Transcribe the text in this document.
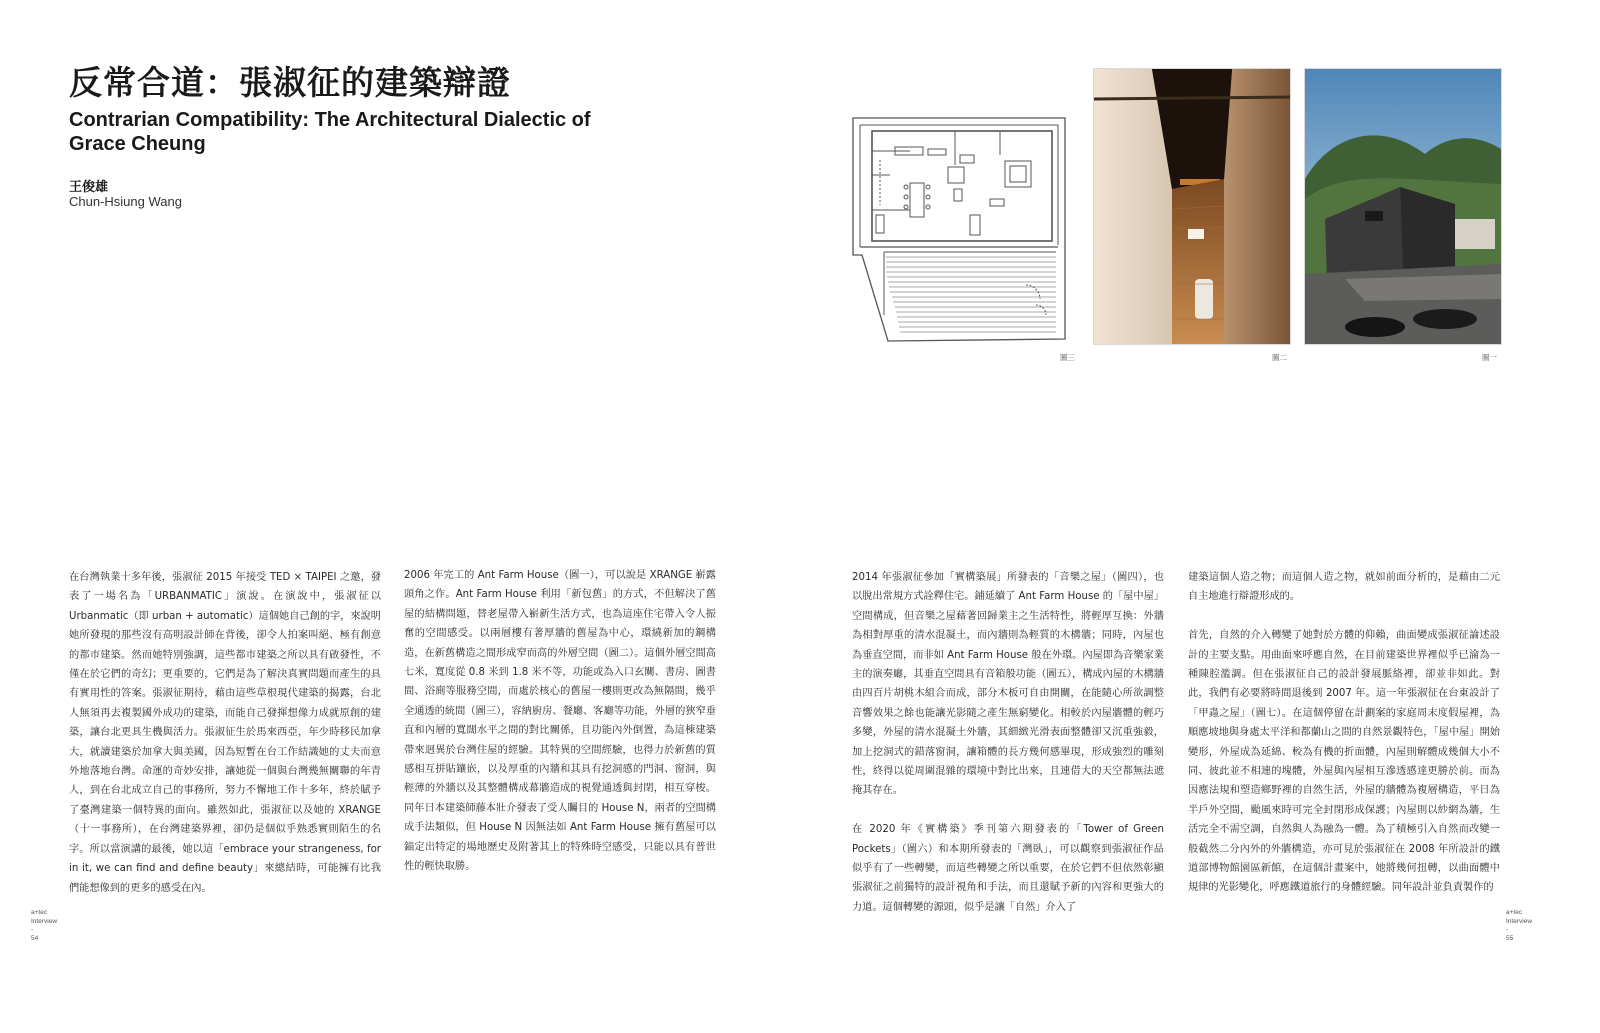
反常合道：張淑征的建築辯證
Contrarian Compatibility: The Architectural Dialectic of Grace Cheung
王俊雄
Chun-Hsiung Wang
圖三	圖二	圖一

在台灣執業十多年後，張淑征 2015 年接受 TED × TAIPEI 之邀，發表了一場名為「URBANMATIC」演說。在演說中，張淑征以 Urbanmatic（即 urban + automatic）這個她自己創的字，來說明她所發現的那些沒有高明設計師在背後，卻令人拍案叫絕、極有創意的都市建築。然而她特別強調，這些都市建築之所以具有啟發性，不僅在於它們的奇幻；更重要的，它們是為了解決真實問題而產生的具有實用性的答案。張淑征期待，藉由這些草根現代建築的揭露，台北人無須再去複製國外成功的建築，而能自己發揮想像力成就原創的建築，讓台北更具生機與活力。張淑征生於馬來西亞，年少時移民加拿大，就讀建築於加拿大與美國，因為短暫在台工作結識她的丈夫而意外地落地台灣。命運的奇妙安排，讓她從一個與台灣幾無關聯的年青人，到在台北成立自己的事務所，努力不懈地工作十多年，終於賦予了臺灣建築一個特異的面向。雖然如此，張淑征以及她的 XRANGE（十一事務所），在台灣建築界裡，卻仍是個似乎熟悉實則陌生的名字。所以當演講的最後，她以這「embrace your strangeness, for in it, we can find and define beauty」來總結時，可能擁有比我們能想像到的更多的感受在內。

2006 年完工的 Ant Farm House（圖一），可以說是 XRANGE 嶄露頭角之作。Ant Farm House 利用「新包舊」的方式，不但解決了舊屋的結構問題，替老屋帶入嶄新生活方式，也為這座住宅帶入令人振奮的空間感受。以兩層樓有著厚牆的舊屋為中心，環繞新加的鋼構造，在新舊構造之間形成窄而高的外層空間（圖二）。這個外層空間高七米，寬度從 0.8 米到 1.8 米不等，功能或為入口玄關、書房、圖書間、浴廁等服務空間，而處於核心的舊屋一樓則更改為無隔間，幾乎全通透的統間（圖三），容納廚房、餐廳、客廳等功能，外層的狹窄垂直和內層的寬闊水平之間的對比關係，且功能內外倒置，為這棟建築帶來迥異於台灣住屋的經驗。其特異的空間經驗，也得力於新舊的質感相互拼貼鑲嵌，以及厚重的內牆和其具有挖洞感的門洞、窗洞，與輕薄的外牆以及其整體構成幕牆造成的視覺通透與封閉，相互穿梭。同年日本建築師藤本壯介發表了受人矚目的 House N，兩者的空間構成手法類似，但 House N 因無法如 Ant Farm House 擁有舊屋可以錨定出特定的場地歷史及附著其上的特殊時空感受，只能以具有普世性的輕快取勝。

2014 年張淑征參加「實構築展」所發表的「音樂之屋」（圖四），也以脫出常規方式詮釋住宅。鋪延續了 Ant Farm House 的「屋中屋」空間構成，但音樂之屋藉著回歸業主之生活特性，將輕厚互換：外牆為相對厚重的清水混凝土，而內牆則為輕質的木構牆；同時，內屋也為垂直空間，而非如 Ant Farm House 般在外環。內屋即為音樂家業主的演奏廳，其垂直空間具有音箱般功能（圖五），構成內屋的木構牆由四百片胡桃木組合而成，部分木板可自由開關，在能隨心所欲調整音響效果之餘也能讓光影隨之產生無窮變化。相較於內屋牆體的輕巧多變，外屋的清水混凝土外牆，其細緻光滑表面整體卻又沉重強毅，加上挖洞式的錯落窗洞，讓箱體的長方幾何感畢現，形成強烈的雕刻性，終得以從周圍混雜的環境中對比出來，且連借大的天空都無法遮掩其存在。

在 2020 年《實構築》季刊第六期發表的「Tower of Green Pockets」（圖六）和本期所發表的「灣臥」，可以觀察到張淑征作品似乎有了一些轉變，而這些轉變之所以重要，在於它們不但依然彰顯張淑征之前獨特的設計視角和手法，而且還賦予新的內容和更強大的力道。這個轉變的源頭，似乎是讓「自然」介入了

建築這個人造之物；而這個人造之物，就如前面分析的，是藉由二元自主地進行辯證形成的。

首先，自然的介入轉變了她對於方體的仰賴，曲面變成張淑征論述設計的主要支點。用曲面來呼應自然，在目前建築世界裡似乎已淪為一種陳腔濫調。但在張淑征自己的設計發展脈絡裡，卻並非如此。對此，我們有必要將時間退後到 2007 年。這一年張淑征在台東設計了「甲蟲之屋」（圖七）。在這個停留在計劃案的家庭周末度假屋裡，為順應坡地與身處太平洋和都蘭山之間的自然景觀特色，「屋中屋」開始變形，外屋成為延綿、較為有機的折面體，內屋則解體成幾個大小不同、彼此並不相連的塊體，外屋與內屋相互滲透感達更勝於前。而為因應法規和塑造鄉野裡的自然生活，外屋的牆體為複層構造，平日為半戶外空間，颱風來時可完全封閉形成保護；內屋則以紗網為牆，生活完全不需空調，自然與人為融為一體。為了積極引入自然而改變一般截然二分內外的外牆構造，亦可見於張淑征在 2008 年所設計的鐵道部博物館園區新館，在這個計畫案中，她將幾何扭轉，以曲面體中規律的光影變化，呼應鐵道旅行的身體經驗。同年設計並負責製作的

a+tec
Interview
-
54
a+tec
Interview
-
55
